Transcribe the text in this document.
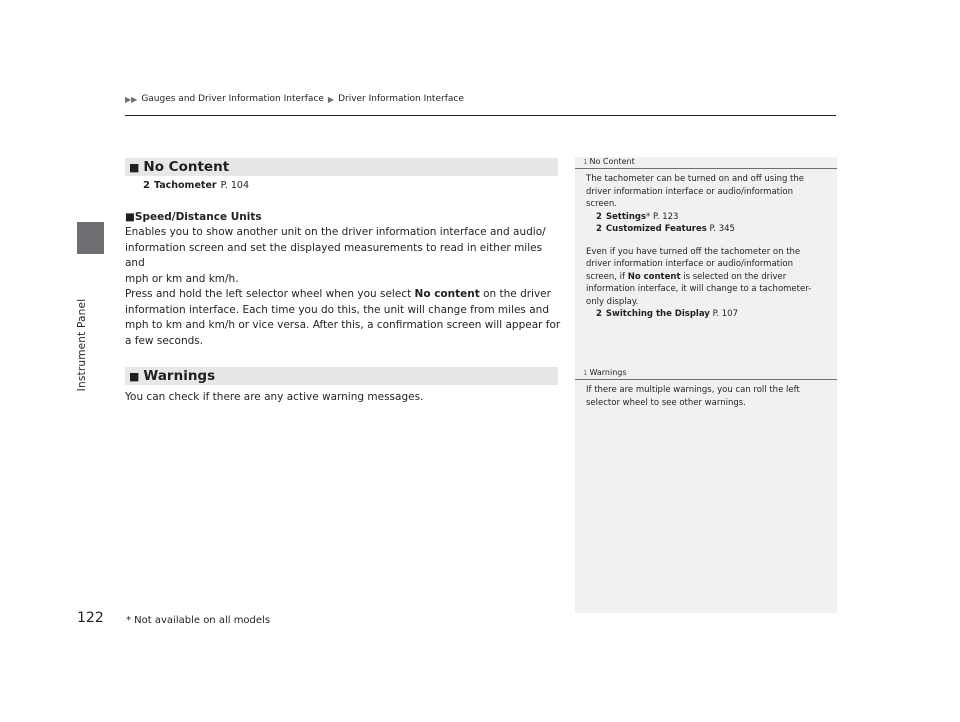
Instrument Panel
▶▶ Gauges and Driver Information Interface ▶ Driver Information Interface
■ No Content
2 Tachometer P. 104
■Speed/Distance Units
Enables you to show another unit on the driver information interface and audio/
information screen and set the displayed measurements to read in either miles and
mph or km and km/h.
Press and hold the left selector wheel when you select No content on the driver
information interface. Each time you do this, the unit will change from miles and
mph to km and km/h or vice versa. After this, a confirmation screen will appear for
a few seconds.
■ Warnings
You can check if there are any active warning messages.
1 No Content
The tachometer can be turned on and off using the
driver information interface or audio/information
screen.
2 Settings* P. 123
2 Customized Features P. 345
Even if you have turned off the tachometer on the
driver information interface or audio/information
screen, if No content is selected on the driver
information interface, it will change to a tachometer-
only display.
2 Switching the Display P. 107
1 Warnings
If there are multiple warnings, you can roll the left
selector wheel to see other warnings.
122 * Not available on all models
